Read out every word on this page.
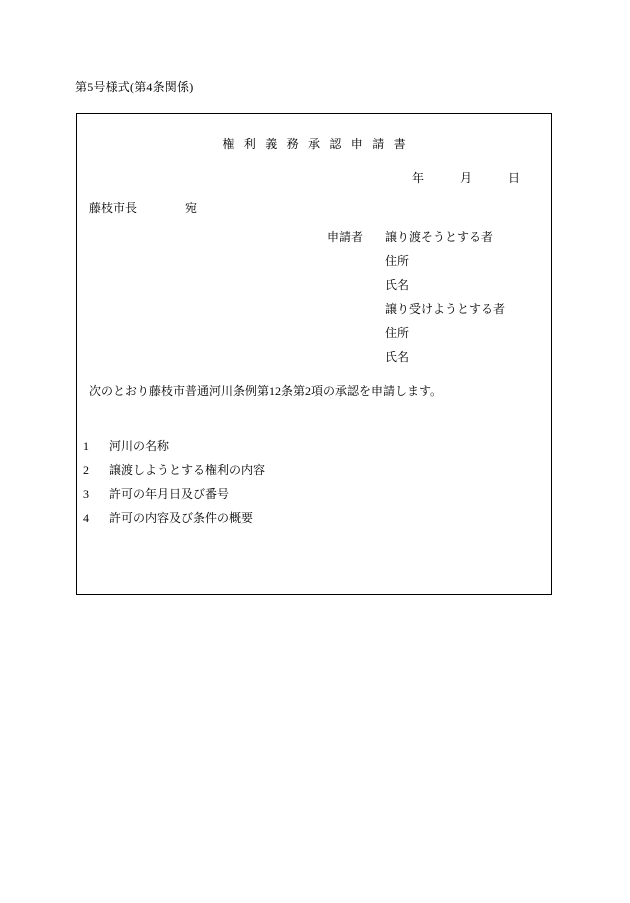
第5号様式(第4条関係)
権 利 義 務 承 認 申 請 書
年　　　月　　　日
藤枝市長　　　　宛
申請者	譲り渡そうとする者
住所
氏名
譲り受けようとする者
住所
氏名
次のとおり藤枝市普通河川条例第12条第2項の承認を申請します。
1	河川の名称
2	譲渡しようとする権利の内容
3	許可の年月日及び番号
4	許可の内容及び条件の概要
